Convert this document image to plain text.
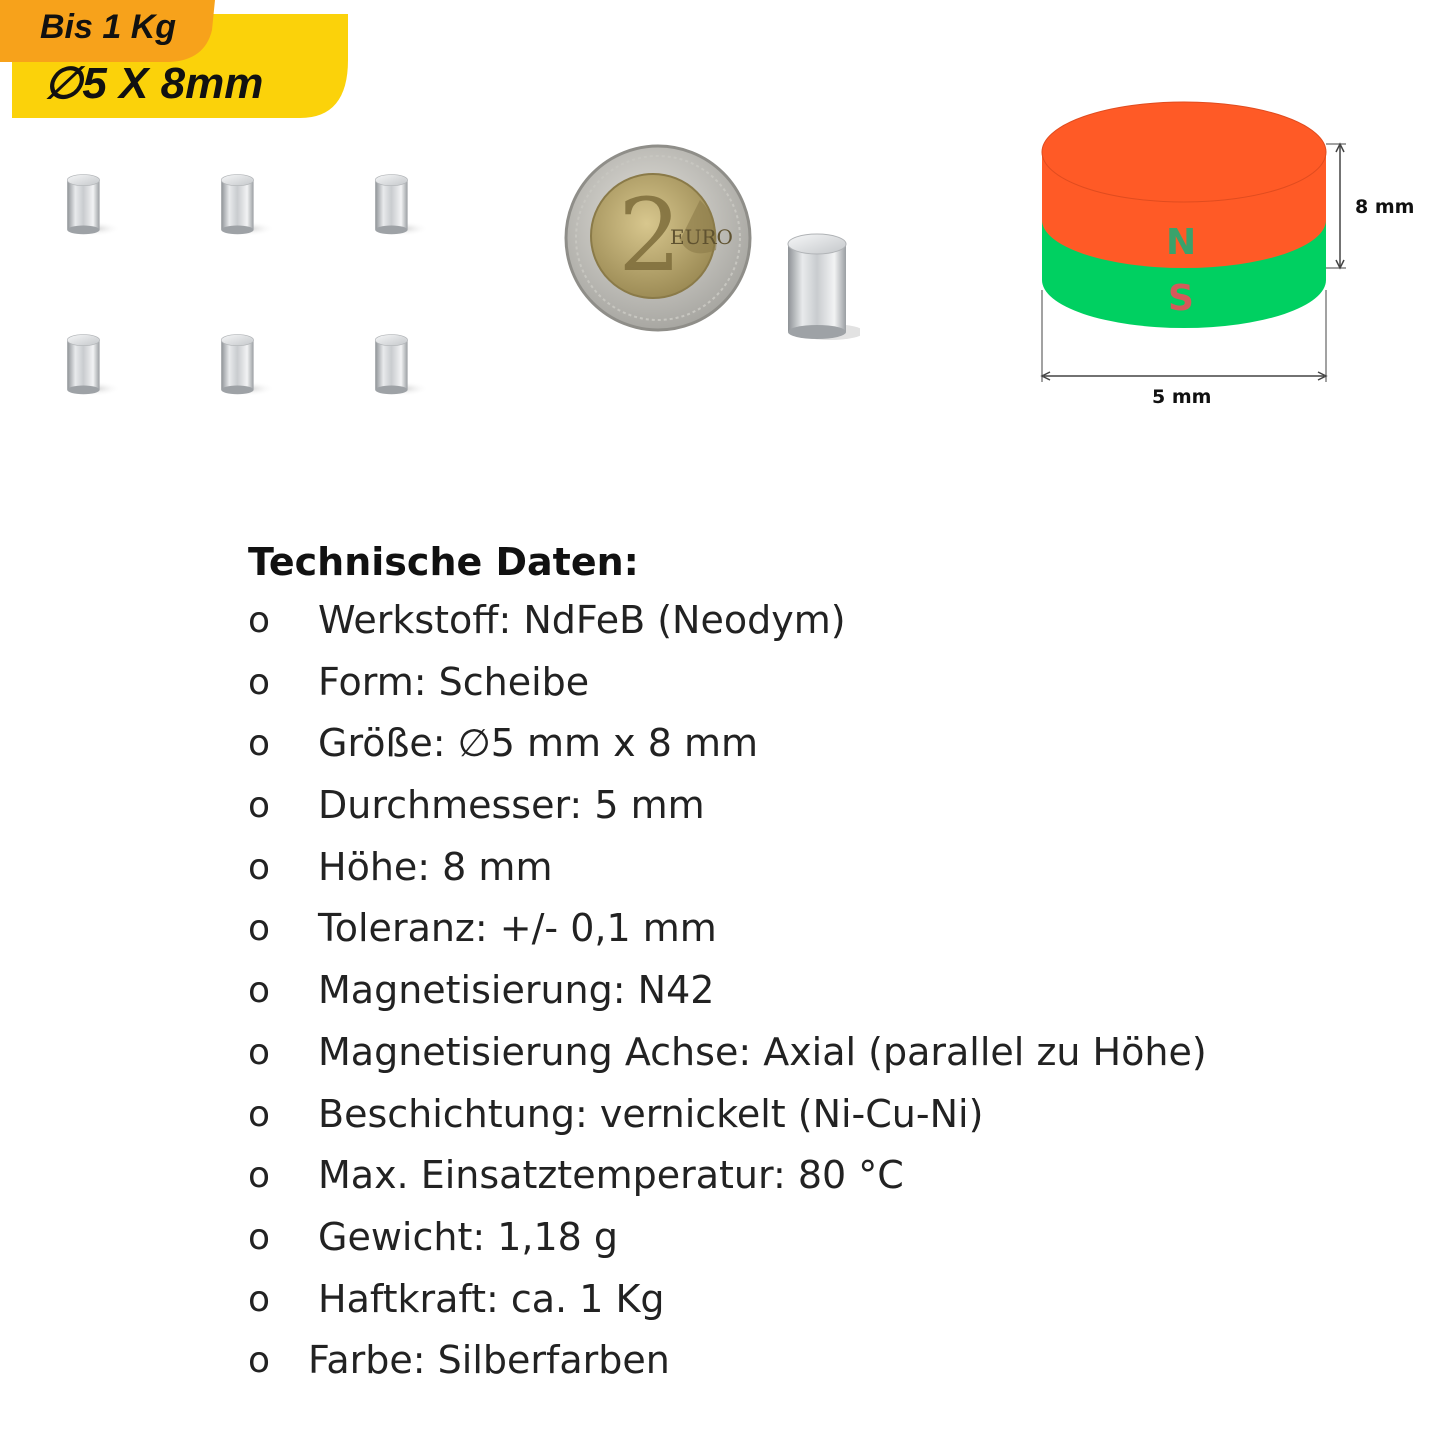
Bis 1 Kg
∅5 X 8mm
2
EURO	N
S
8 mm
5 mm
Technische Daten:
o	Werkstoff: NdFeB (Neodym)
o	Form: Scheibe
o	Größe: ∅5 mm x 8 mm
o	Durchmesser: 5 mm
o	Höhe: 8 mm
o	Toleranz: +/- 0,1 mm
o	Magnetisierung: N42
o	Magnetisierung Achse: Axial (parallel zu Höhe)
o	Beschichtung: vernickelt (Ni-Cu-Ni)
o	Max. Einsatztemperatur: 80 °C
o	Gewicht: 1,18 g
o	Haftkraft: ca. 1 Kg
o Farbe: Silberfarben
